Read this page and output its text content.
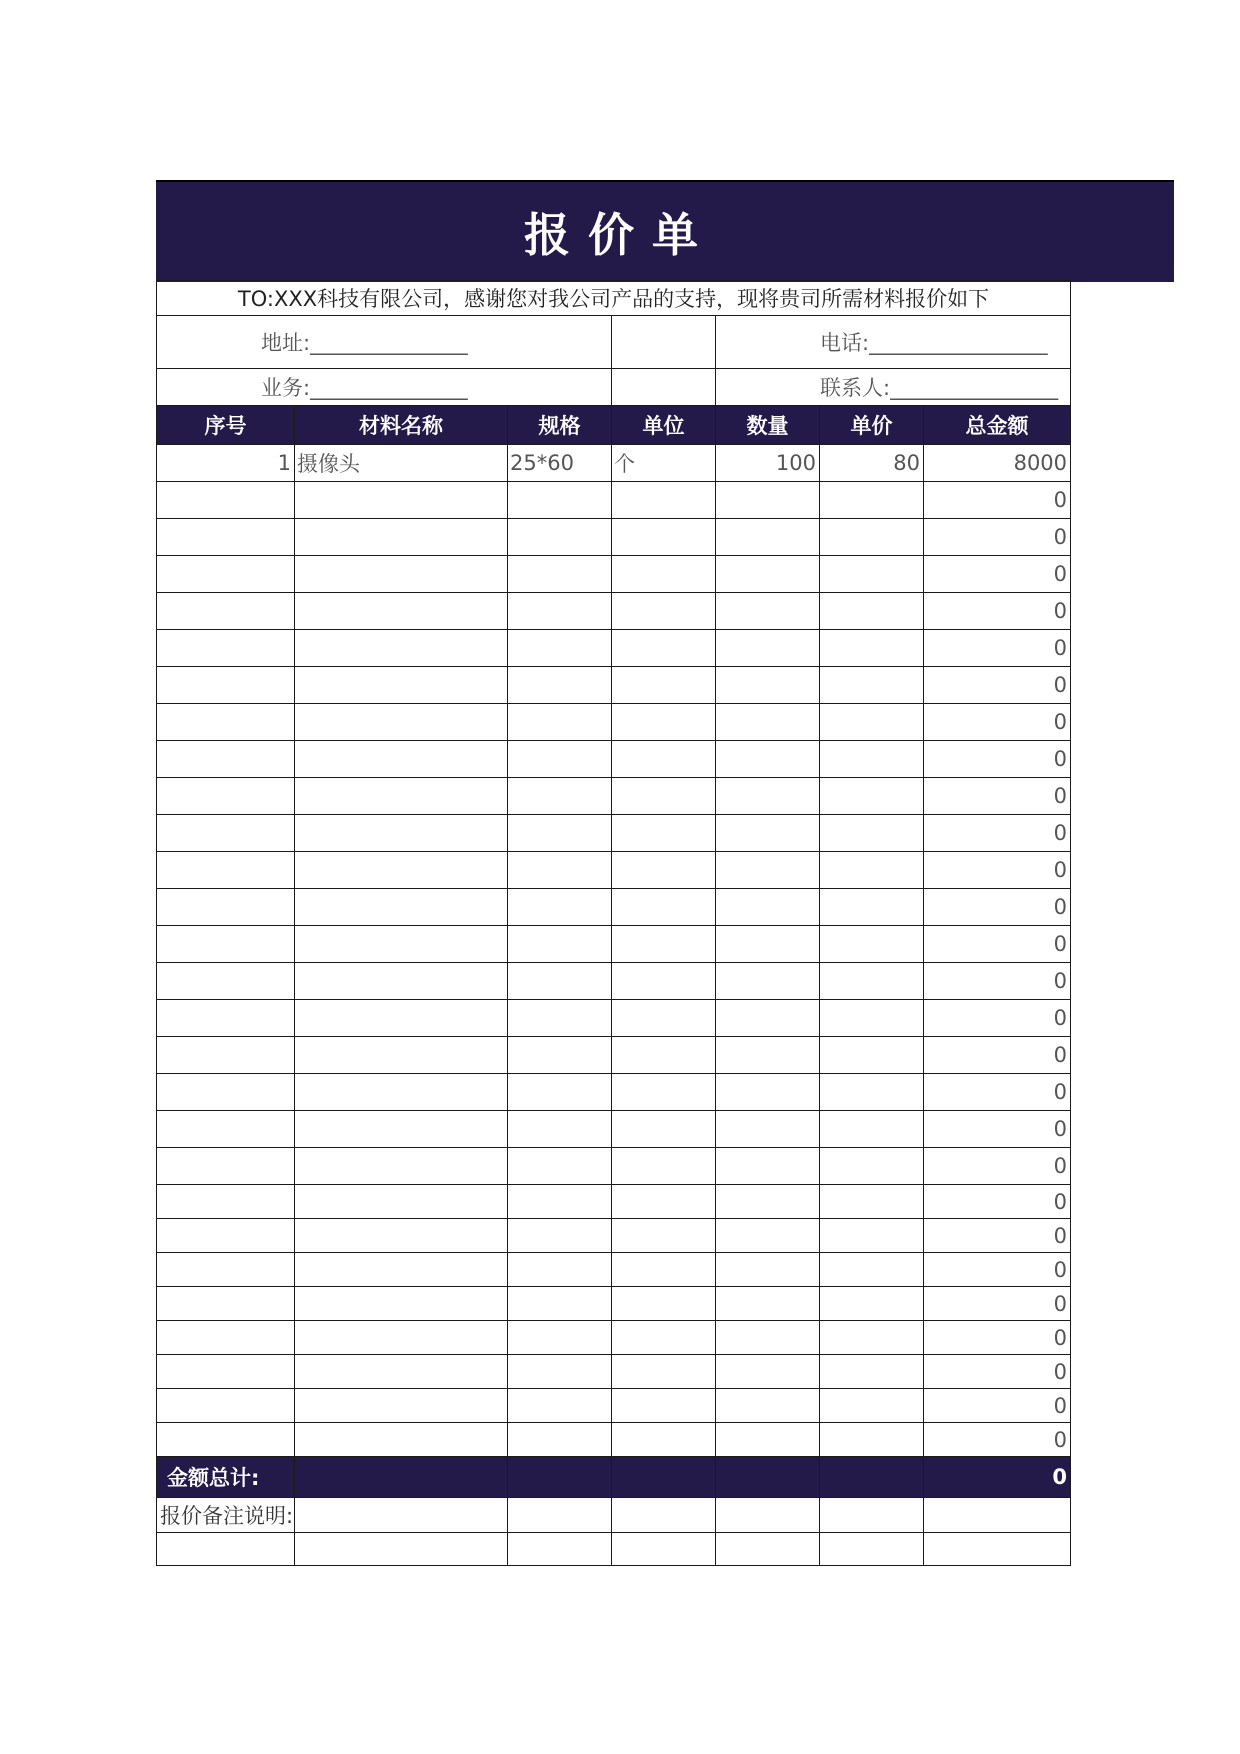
报价单
TO:XXX科技有限公司，感谢您对我公司产品的支持，现将贵司所需材料报价如下						
地址:_______________				电话:_________________		
业务:_______________				联系人:________________		
序号	材料名称	规格	单位	数量	单价	总金额
1	摄像头	25*60	个	100	80	8000
						0
						0
						0
						0
						0
						0
						0
						0
						0
						0
						0
						0
						0
						0
						0
						0
						0
						0
						0
						0
						0
						0
						0
						0
						0
						0
						0
金额总计:						0
报价备注说明:						
